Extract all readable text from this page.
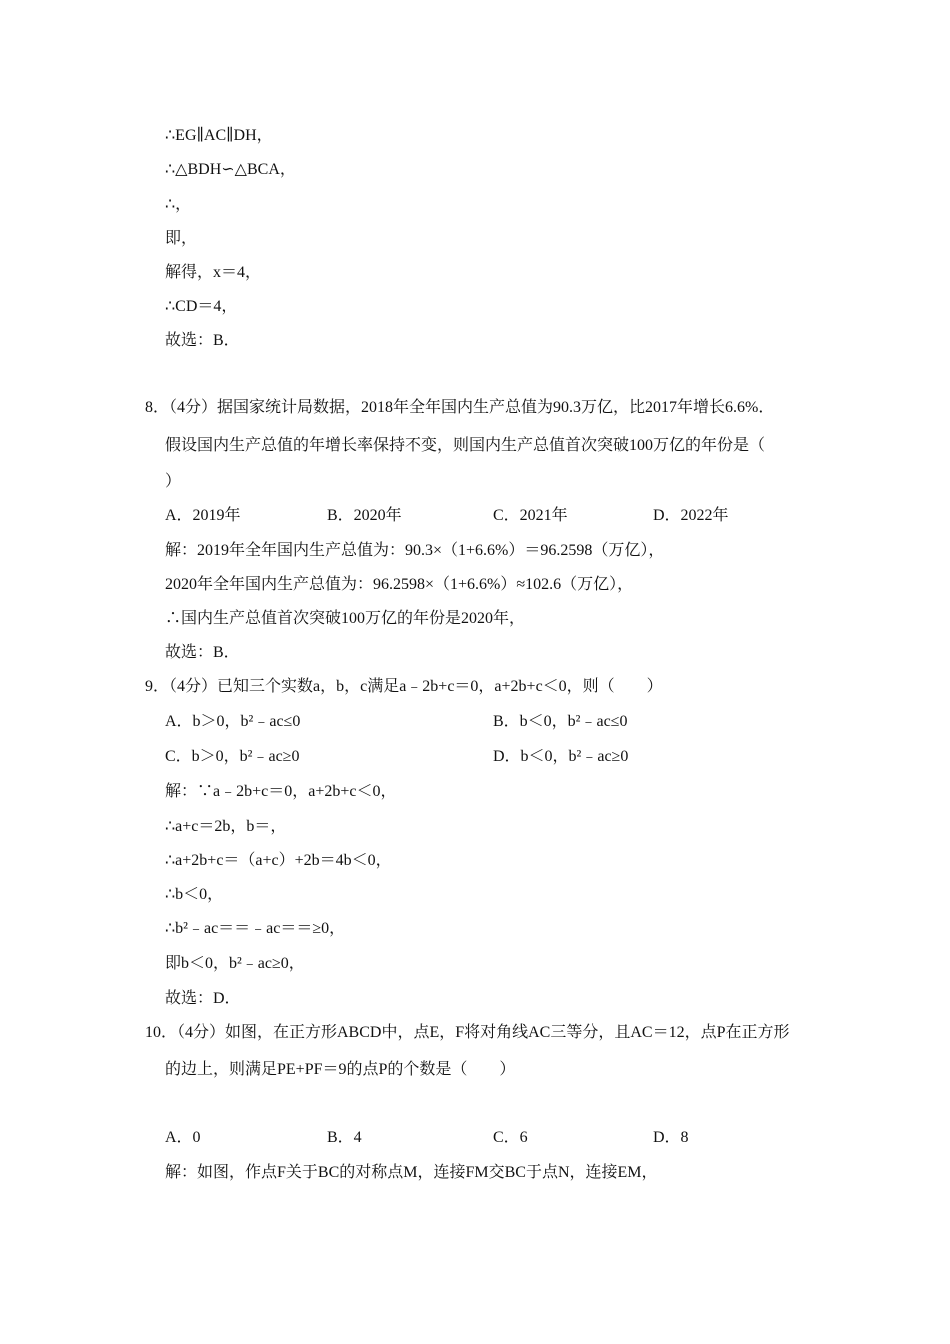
∴EG∥AC∥DH，
∴△BDH∽△BCA，
∴，
即，
解得，x＝4，
∴CD＝4，
故选：B．
8．（4分）据国家统计局数据，2018年全年国内生产总值为90.3万亿，比2017年增长6.6%．
假设国内生产总值的年增长率保持不变，则国内生产总值首次突破100万亿的年份是（
）
A．2019年	B．2020年	C．2021年	D．2022年
解：2019年全年国内生产总值为：90.3×（1+6.6%）＝96.2598（万亿），
2020年全年国内生产总值为：96.2598×（1+6.6%）≈102.6（万亿），
∴国内生产总值首次突破100万亿的年份是2020年，
故选：B．
9．（4分）已知三个实数a，b，c满足a﹣2b+c＝0，a+2b+c＜0，则（　　）
A．b＞0，b²﹣ac≤0	B．b＜0，b²﹣ac≤0
C．b＞0，b²﹣ac≥0	D．b＜0，b²﹣ac≥0
解：∵a﹣2b+c＝0，a+2b+c＜0，
∴a+c＝2b，b＝，
∴a+2b+c＝（a+c）+2b＝4b＜0，
∴b＜0，
∴b²﹣ac＝＝﹣ac＝＝≥0，
即b＜0，b²﹣ac≥0，
故选：D．
10．（4分）如图，在正方形ABCD中，点E，F将对角线AC三等分，且AC＝12，点P在正方形
的边上，则满足PE+PF＝9的点P的个数是（　　）
A．0	B．4	C．6	D．8
解：如图，作点F关于BC的对称点M，连接FM交BC于点N，连接EM，
